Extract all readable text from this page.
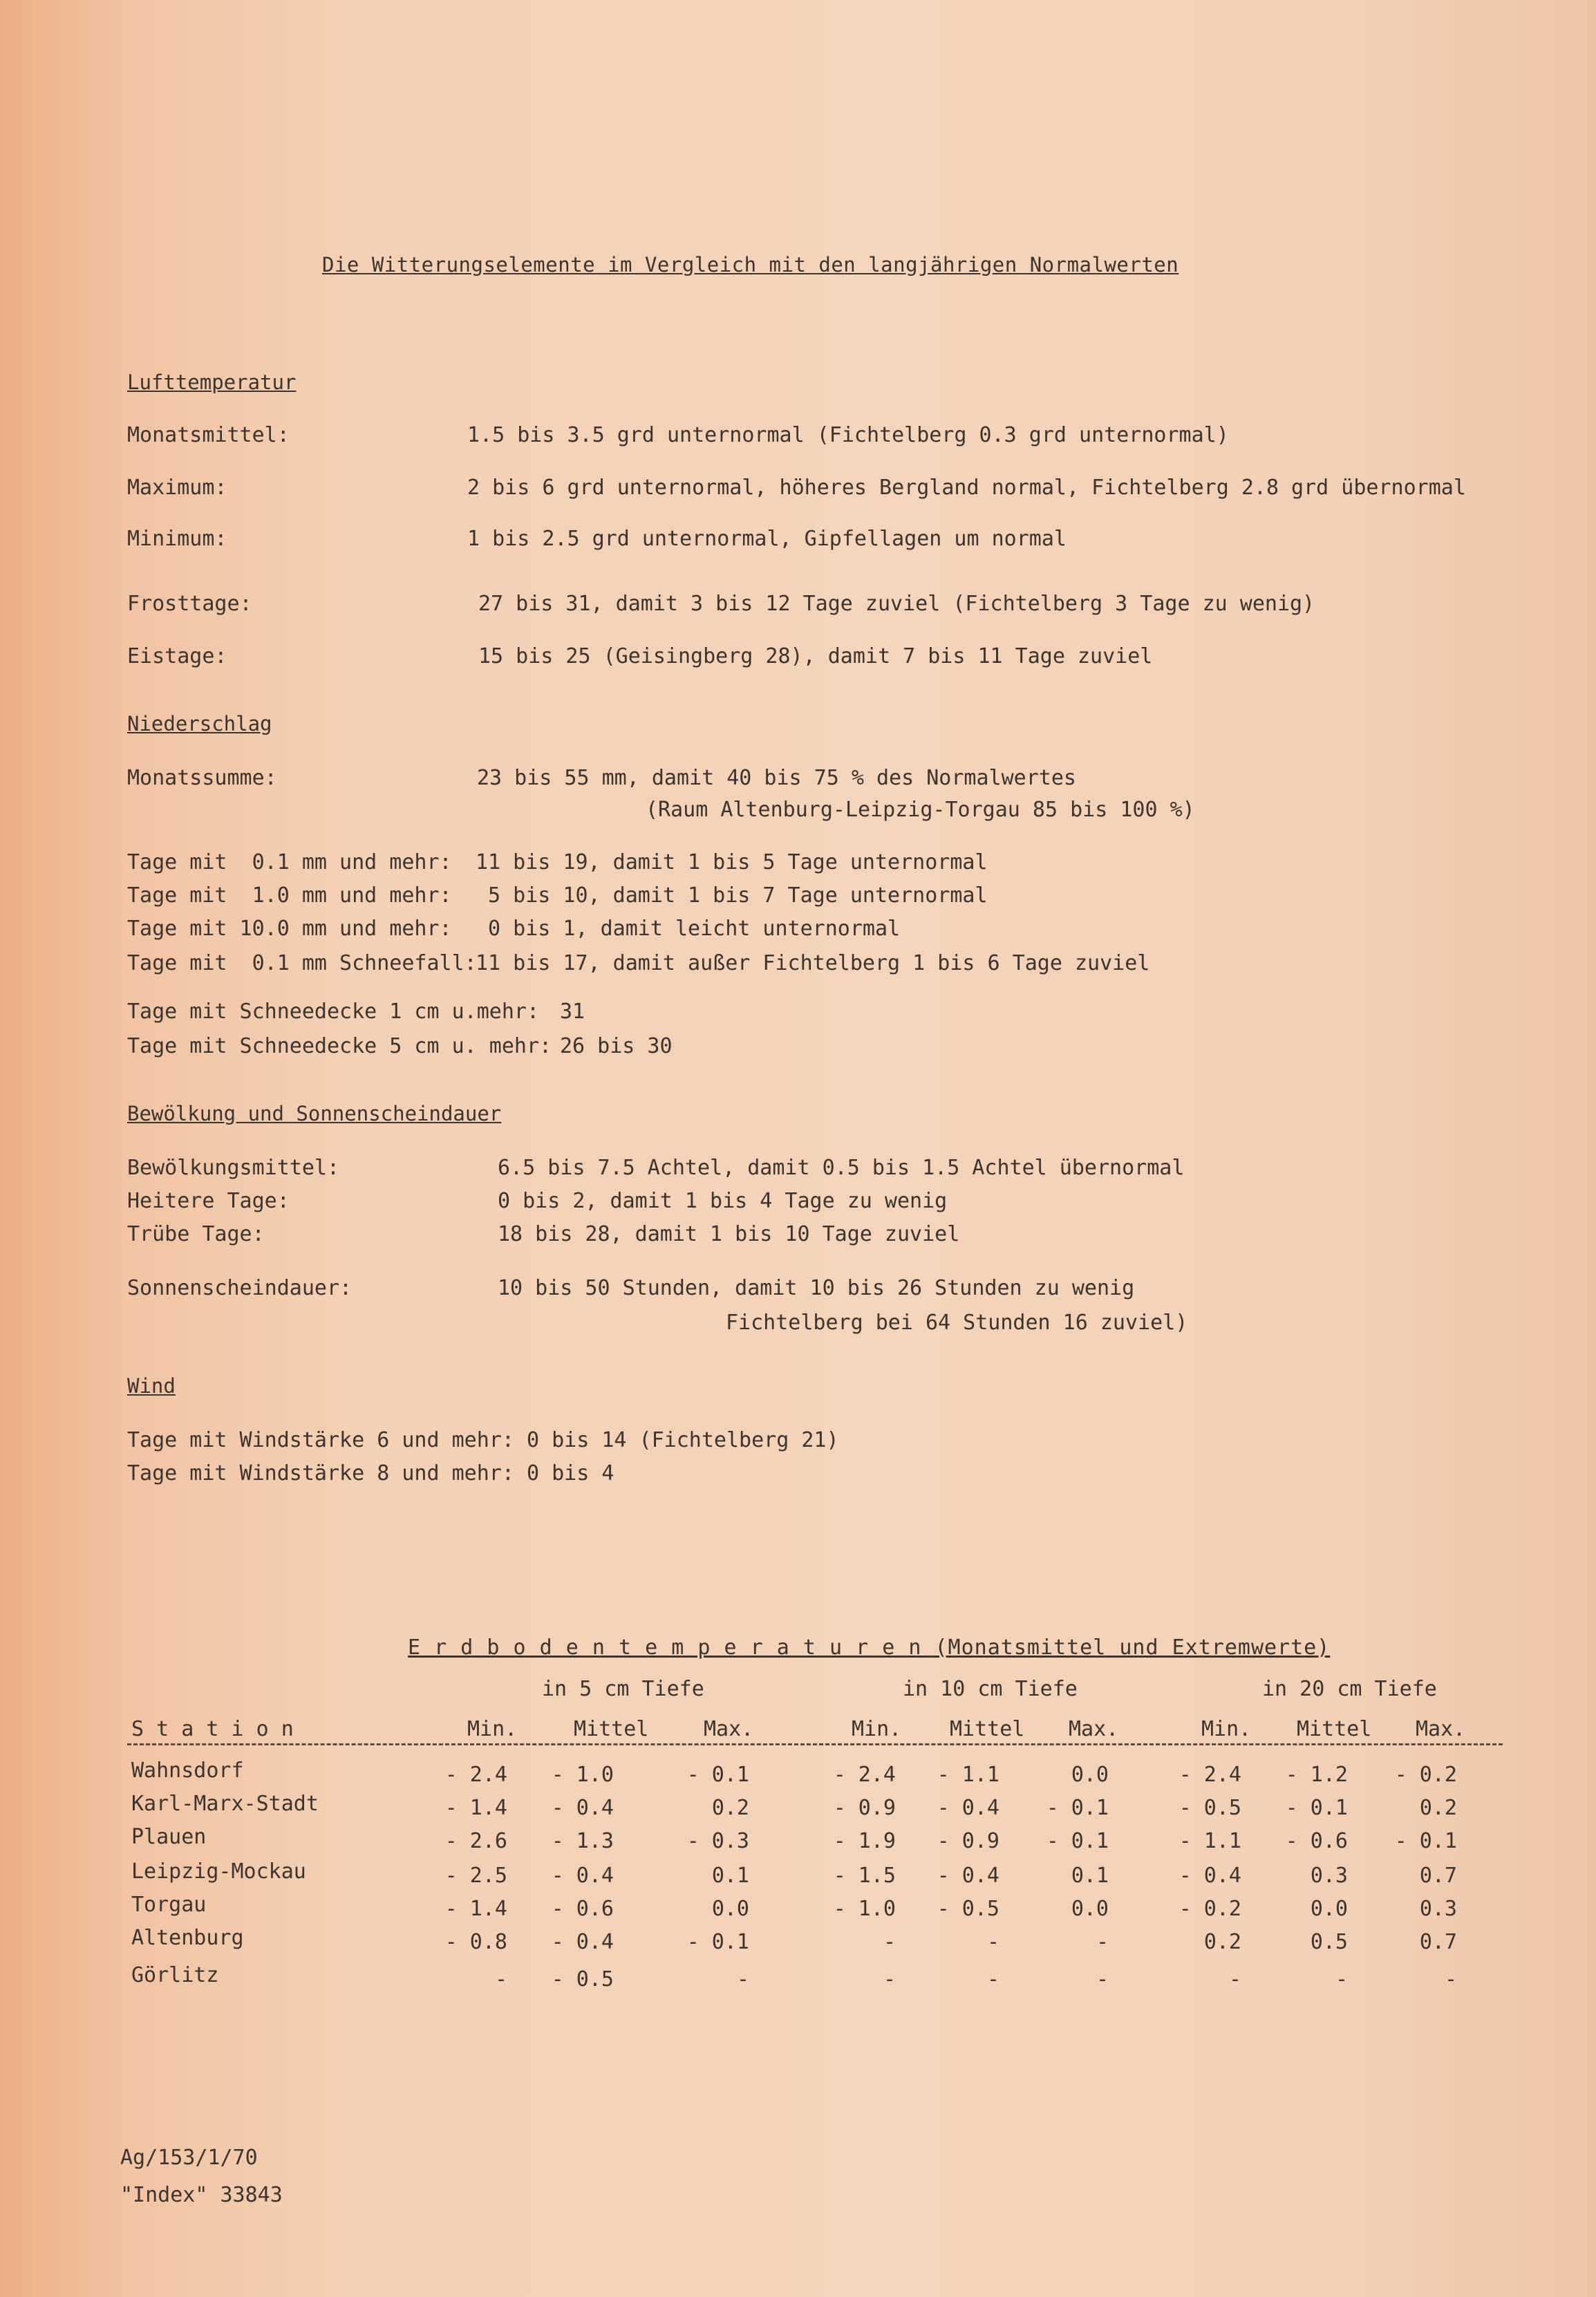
Die Witterungselemente im Vergleich mit den langjährigen Normalwerten
Lufttemperatur
Monatsmittel:	1.5 bis 3.5 grd unternormal (Fichtelberg 0.3 grd unternormal)
Maximum:	2 bis 6 grd unternormal, höheres Bergland normal, Fichtelberg 2.8 grd übernormal
Minimum:	1 bis 2.5 grd unternormal, Gipfellagen um normal
Frosttage:	27 bis 31, damit 3 bis 12 Tage zuviel (Fichtelberg 3 Tage zu wenig)
Eistage:	15 bis 25 (Geisingberg 28), damit 7 bis 11 Tage zuviel
Niederschlag
Monatssumme:	23 bis 55 mm, damit 40 bis 75 % des Normalwertes
(Raum Altenburg-Leipzig-Torgau 85 bis 100 %)
Tage mit  0.1 mm und mehr: 11 bis 19, damit 1 bis 5 Tage unternormal
Tage mit  1.0 mm und mehr: 5 bis 10, damit 1 bis 7 Tage unternormal
Tage mit 10.0 mm und mehr: 0 bis 1, damit leicht unternormal
Tage mit  0.1 mm Schneefall:
11 bis 17, damit außer Fichtelberg 1 bis 6 Tage zuviel
Tage mit Schneedecke 1 cm u.mehr: 31
Tage mit Schneedecke 5 cm u. mehr: 26 bis 30
Bewölkung und Sonnenscheindauer
Bewölkungsmittel:	6.5 bis 7.5 Achtel, damit 0.5 bis 1.5 Achtel übernormal
Heitere Tage:	0 bis 2, damit 1 bis 4 Tage zu wenig
Trübe Tage:	18 bis 28, damit 1 bis 10 Tage zuviel
Sonnenscheindauer:	10 bis 50 Stunden, damit 10 bis 26 Stunden zu wenig
Fichtelberg bei 64 Stunden 16 zuviel)
Wind
Tage mit Windstärke 6 und mehr: 0 bis 14 (Fichtelberg 21)
Tage mit Windstärke 8 und mehr: 0 bis 4
E r d b o d e n t e m p e r a t u r e n (Monatsmittel und Extremwerte)
in 5 cm Tiefe	in 10 cm Tiefe	in 20 cm Tiefe
S t a t i o n	Min.	Mittel	Max.	Min. Mittel Max.	Min. Mittel Max.
Wahnsdorf	- 2.4	- 1.0	- 0.1	- 2.4	- 1.1	0.0	- 2.4	- 1.2	- 0.2
Karl-Marx-Stadt	- 1.4	- 0.4	0.2	- 0.9	- 0.4	- 0.1	- 0.5	- 0.1	0.2
Plauen	- 2.6	- 1.3	- 0.3	- 1.9	- 0.9	- 0.1	- 1.1	- 0.6	- 0.1
Leipzig-Mockau	- 2.5	- 0.4	0.1	- 1.5	- 0.4	0.1	- 0.4	0.3	0.7
Torgau	- 1.4	- 0.6	0.0	- 1.0	- 0.5	0.0	- 0.2	0.0	0.3
Altenburg	- 0.8	- 0.4	- 0.1	-	-	-	0.2	0.5	0.7
Görlitz	-	- 0.5	-	-	-	-	-	-	-
Ag/153/1/70
"Index" 33843
